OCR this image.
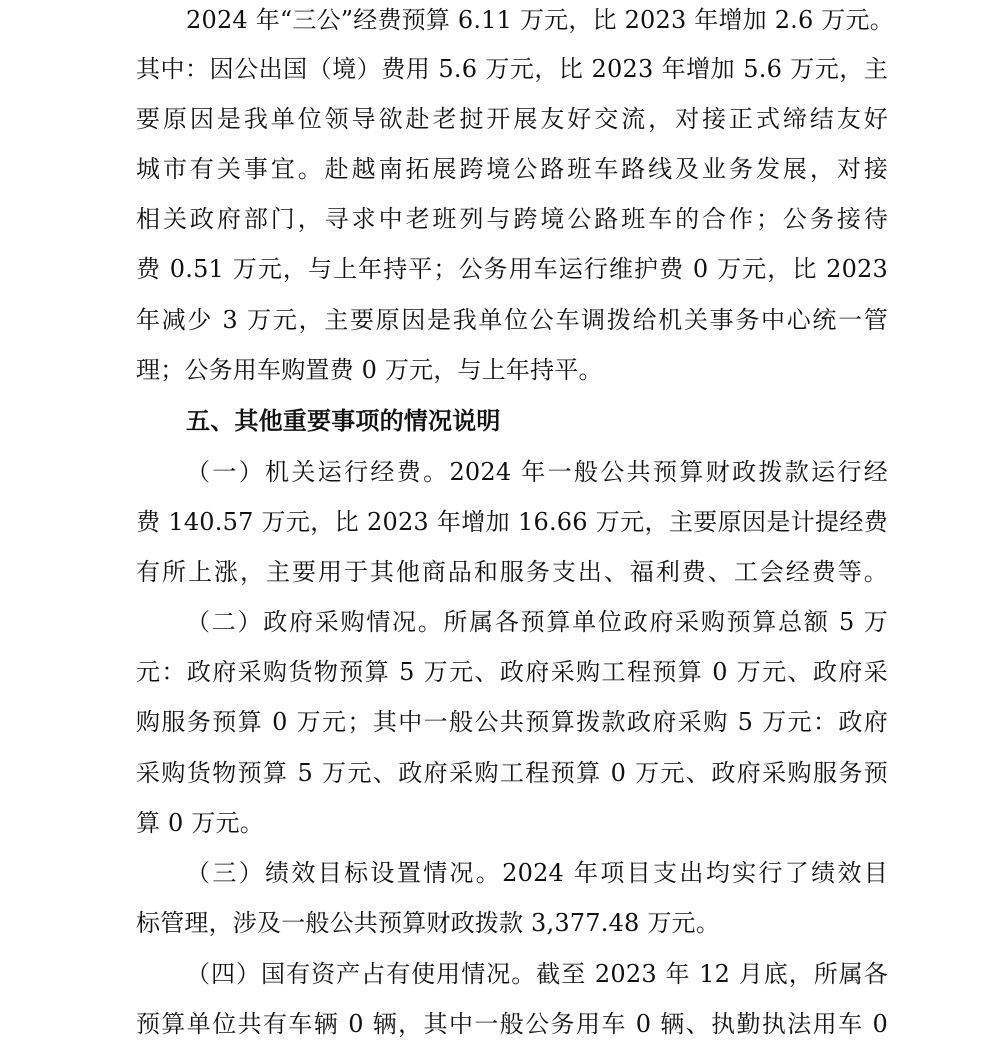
2024 年“三公”经费预算 6.11 万元，比 2023 年增加 2.6 万元。
其中：因公出国（境）费用 5.6 万元，比 2023 年增加 5.6 万元，主
要原因是我单位领导欲赴老挝开展友好交流，对接正式缔结友好
城市有关事宜。赴越南拓展跨境公路班车路线及业务发展，对接
相关政府部门，寻求中老班列与跨境公路班车的合作；公务接待
费 0.51 万元，与上年持平；公务用车运行维护费 0 万元，比 2023
年减少 3 万元，主要原因是我单位公车调拨给机关事务中心统一管
理；公务用车购置费 0 万元，与上年持平。
五、其他重要事项的情况说明
（一）机关运行经费。2024 年一般公共预算财政拨款运行经
费 140.57 万元，比 2023 年增加 16.66 万元，主要原因是计提经费
有所上涨，主要用于其他商品和服务支出、福利费、工会经费等。
（二）政府采购情况。所属各预算单位政府采购预算总额 5 万
元：政府采购货物预算 5 万元、政府采购工程预算 0 万元、政府采
购服务预算 0 万元；其中一般公共预算拨款政府采购 5 万元：政府
采购货物预算 5 万元、政府采购工程预算 0 万元、政府采购服务预
算 0 万元。
（三）绩效目标设置情况。2024 年项目支出均实行了绩效目
标管理，涉及一般公共预算财政拨款 3,377.48 万元。
（四）国有资产占有使用情况。截至 2023 年 12 月底，所属各
预算单位共有车辆 0 辆，其中一般公务用车 0 辆、执勤执法用车 0
